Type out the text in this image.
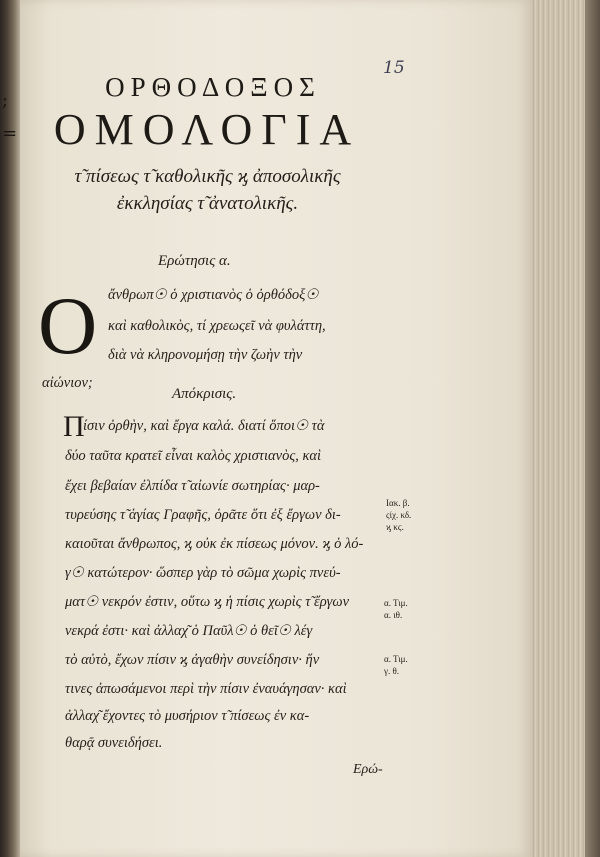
;
=
15
ΟΡΘΟΔΟΞΟΣ
ΟΜΟΛΟΓΙΑ
τ̃ πίσεως τ̃ καθολικῆς ϗ ἀποσολικῆς
ἐκκλησίας τ̃ ἀνατολικῆς.
Ερώτησις α.
Ο ἄνθρωπ☉ ὁ χριστιανὸς ὁ ὀρθόδοξ☉
καὶ καθολικὸς, τί χρεωςεῖ νὰ φυλάττη,
διὰ νὰ κληρονομήσῃ τὴν ζωὴν τὴν
αἰώνιον;
Απόκρισις.
Π
ίσιν ὀρθὴν, καὶ ἔργα καλά. διατί ὅποι☉ τὰ
δύο ταῦτα κρατεῖ εἶναι καλὸς χριστιανὸς, καὶ
ἔχει βεβαίαν ἐλπίδα τ̃ αἰωνίε σωτηρίας· μαρ-
τυρεύσης τ̃ ἁγίας Γραφῆς, ὁρᾶτε ὅτι ἐξ ἔργων δι-
καιοῦται ἄνθρωπος, ϗ οὐκ ἐκ πίσεως μόνον. ϗ ὁ λό-
γ☉ κατώτερον· ὥσπερ γὰρ τὸ σῶμα χωρὶς πνεύ-
ματ☉ νεκρόν ἐστιν, οὕτω ϗ ἡ πίσις χωρὶς τ̃ ἔργων
νεκρά ἐστι· καὶ ἀλλαχ͂ ὁ Παῦλ☉ ὁ θεῖ☉ λέγ
τὸ αὐτὸ, ἔχων πίσιν ϗ ἀγαθὴν συνείδησιν· ἥν
τινες ἀπωσάμενοι περὶ τὴν πίσιν ἐναυάγησαν· καὶ
ἀλλαχ͂ ἔχοντες τὸ μυσήριον τ̃ πίσεως ἐν κα-
θαρᾷ συνειδήσει.
Ιακ. β.
ςίχ. κδ.
ϗ κϛ.
α. Τιμ.
α. ιθ.
α. Τιμ.
γ. θ.
Ερώ-
